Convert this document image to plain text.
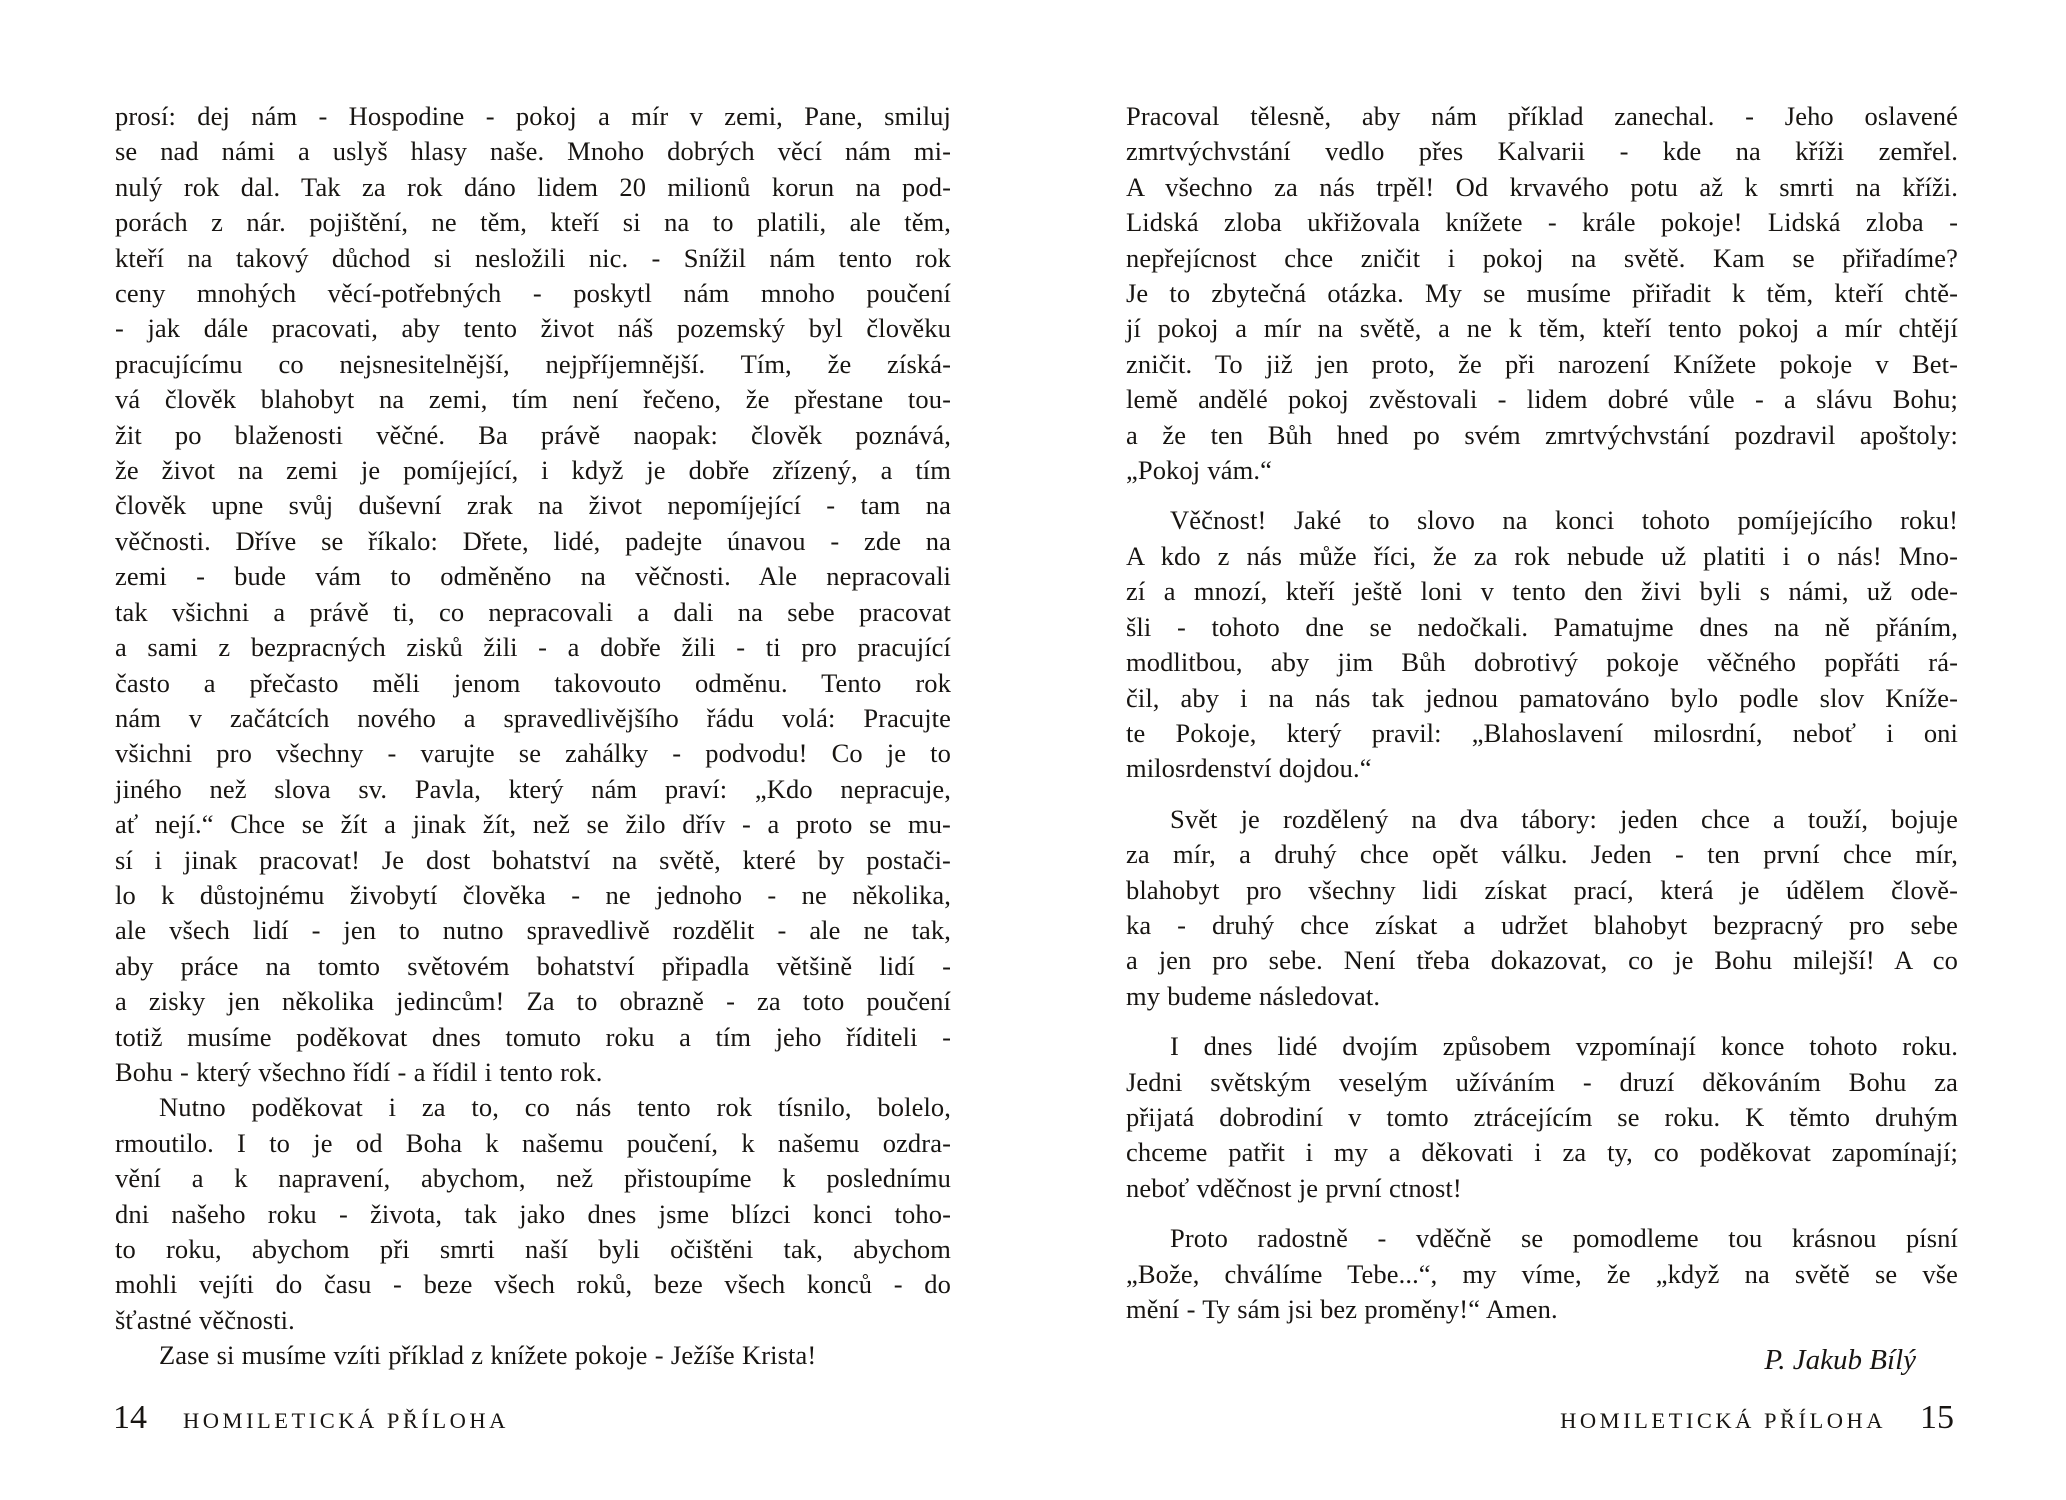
prosí: dej nám - Hospodine - pokoj a mír v zemi, Pane, smiluj
se nad námi a uslyš hlasy naše. Mnoho dobrých věcí nám mi-
nulý rok dal. Tak za rok dáno lidem 20 milionů korun na pod-
porách z nár. pojištění, ne těm, kteří si na to platili, ale těm,
kteří na takový důchod si nesložili nic. - Snížil nám tento rok
ceny mnohých věcí-potřebných - poskytl nám mnoho poučení
- jak dále pracovati, aby tento život náš pozemský byl člověku
pracujícímu co nejsnesitelnější, nejpříjemnější. Tím, že získá-
vá člověk blahobyt na zemi, tím není řečeno, že přestane tou-
žit po blaženosti věčné. Ba právě naopak: člověk poznává,
že život na zemi je pomíjející, i když je dobře zřízený, a tím
člověk upne svůj duševní zrak na život nepomíjející - tam na
věčnosti. Dříve se říkalo: Dřete, lidé, padejte únavou - zde na
zemi - bude vám to odměněno na věčnosti. Ale nepracovali
tak všichni a právě ti, co nepracovali a dali na sebe pracovat
a sami z bezpracných zisků žili - a dobře žili - ti pro pracující
často a přečasto měli jenom takovouto odměnu. Tento rok
nám v začátcích nového a spravedlivějšího řádu volá: Pracujte
všichni pro všechny - varujte se zahálky - podvodu! Co je to
jiného než slova sv. Pavla, který nám praví: „Kdo nepracuje,
ať nejí.“ Chce se žít a jinak žít, než se žilo dřív - a proto se mu-
sí i jinak pracovat! Je dost bohatství na světě, které by postači-
lo k důstojnému živobytí člověka - ne jednoho - ne několika,
ale všech lidí - jen to nutno spravedlivě rozdělit - ale ne tak,
aby práce na tomto světovém bohatství připadla většině lidí -
a zisky jen několika jedincům! Za to obrazně - za toto poučení
totiž musíme poděkovat dnes tomuto roku a tím jeho říditeli -
Bohu - který všechno řídí - a řídil i tento rok.
Nutno poděkovat i za to, co nás tento rok tísnilo, bolelo,
rmoutilo. I to je od Boha k našemu poučení, k našemu ozdra-
vění a k napravení, abychom, než přistoupíme k poslednímu
dni našeho roku - života, tak jako dnes jsme blízci konci toho-
to roku, abychom při smrti naší byli očištěni tak, abychom
mohli vejíti do času - beze všech roků, beze všech konců - do
šťastné věčnosti.
Zase si musíme vzíti příklad z knížete pokoje - Ježíše Krista!
Pracoval tělesně, aby nám příklad zanechal. - Jeho oslavené
zmrtvýchvstání vedlo přes Kalvarii - kde na kříži zemřel.
A všechno za nás trpěl! Od krvavého potu až k smrti na kříži.
Lidská zloba ukřižovala knížete - krále pokoje! Lidská zloba -
nepřejícnost chce zničit i pokoj na světě. Kam se přiřadíme?
Je to zbytečná otázka. My se musíme přiřadit k těm, kteří chtě-
jí pokoj a mír na světě, a ne k těm, kteří tento pokoj a mír chtějí
zničit. To již jen proto, že při narození Knížete pokoje v Bet-
lemě andělé pokoj zvěstovali - lidem dobré vůle - a slávu Bohu;
a že ten Bůh hned po svém zmrtvýchvstání pozdravil apoštoly:
„Pokoj vám.“
Věčnost! Jaké to slovo na konci tohoto pomíjejícího roku!
A kdo z nás může říci, že za rok nebude už platiti i o nás! Mno-
zí a mnozí, kteří ještě loni v tento den živi byli s námi, už ode-
šli - tohoto dne se nedočkali. Pamatujme dnes na ně přáním,
modlitbou, aby jim Bůh dobrotivý pokoje věčného popřáti rá-
čil, aby i na nás tak jednou pamatováno bylo podle slov Kníže-
te Pokoje, který pravil: „Blahoslavení milosrdní, neboť i oni
milosrdenství dojdou.“
Svět je rozdělený na dva tábory: jeden chce a touží, bojuje
za mír, a druhý chce opět válku. Jeden - ten první chce mír,
blahobyt pro všechny lidi získat prací, která je údělem člově-
ka - druhý chce získat a udržet blahobyt bezpracný pro sebe
a jen pro sebe. Není třeba dokazovat, co je Bohu milejší! A co
my budeme následovat.
I dnes lidé dvojím způsobem vzpomínají konce tohoto roku.
Jedni světským veselým užíváním - druzí děkováním Bohu za
přijatá dobrodiní v tomto ztrácejícím se roku. K těmto druhým
chceme patřit i my a děkovati i za ty, co poděkovat zapomínají;
neboť vděčnost je první ctnost!
Proto radostně - vděčně se pomodleme tou krásnou písní
„Bože, chválíme Tebe...“, my víme, že „když na světě se vše
mění - Ty sám jsi bez proměny!“ Amen.
P. Jakub Bílý
14 HOMILETICKÁ PŘÍLOHA	HOMILETICKÁ PŘÍLOHA 15
